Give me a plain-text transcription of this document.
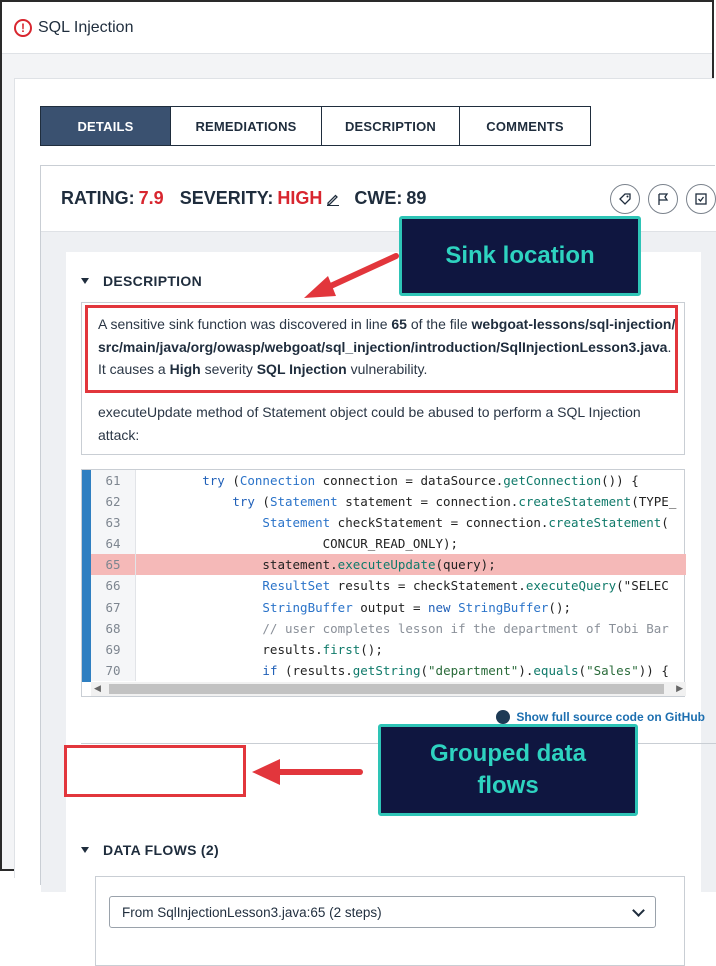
! SQL Injection
DETAILS	REMEDIATIONS	DESCRIPTION	COMMENTS
RATING: 7.9 SEVERITY: HIGH CWE: 89
DESCRIPTION
A sensitive sink function was discovered in line 65 of the file webgoat-lessons/sql-injection/src/main/java/org/owasp/webgoat/sql_injection/introduction/SqlInjectionLesson3.java. It causes a High severity SQL Injection vulnerability.
executeUpdate method of Statement object could be abused to perform a SQL Injection attack:
61	try (Connection connection = dataSource.getConnection()) {
62	try (Statement statement = connection.createStatement(TYPE_
63	Statement checkStatement = connection.createStatement(
64                        CONCUR_READ_ONLY);
65                statement.executeUpdate(query);
66	ResultSet results = checkStatement.executeQuery("SELEC
67	StringBuffer output = new StringBuffer();
68                // user completes lesson if the department of Tobi Bar
69                results.first();
70	if (results.getString("department").equals("Sales")) {
◀	▶
Show full source code on GitHub
DATA FLOWS (2)
From SqlInjectionLesson3.java:65 (2 steps)
Sink location
Grouped data
flows
